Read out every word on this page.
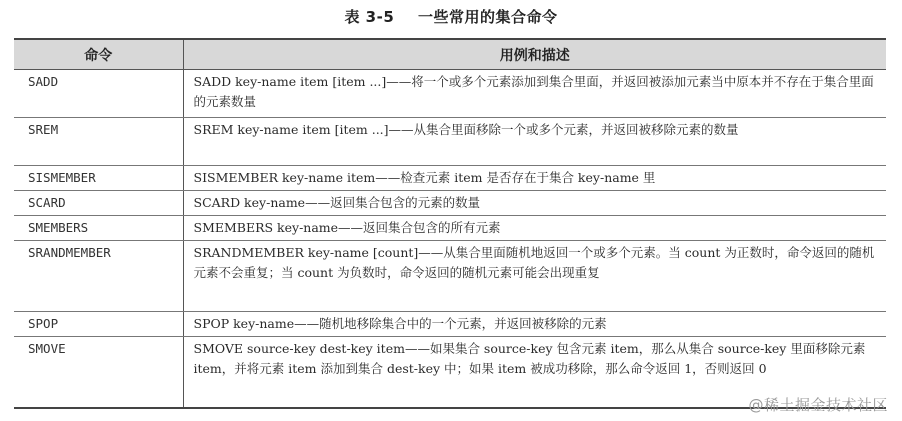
表 3-5 一些常用的集合命令
命令	用例和描述
SADD	SADD key-name item [item ...]——将一个或多个元素添加到集合里面，并返回被添加元素当中原本并不存在于集合里面的元素数量
SREM	SREM key-name item [item ...]——从集合里面移除一个或多个元素，并返回被移除元素的数量
SISMEMBER	SISMEMBER key-name item——检查元素 item 是否存在于集合 key-name 里
SCARD	SCARD key-name——返回集合包含的元素的数量
SMEMBERS	SMEMBERS key-name——返回集合包含的所有元素
SRANDMEMBER	SRANDMEMBER key-name [count]——从集合里面随机地返回一个或多个元素。当 count 为正数时，命令返回的随机元素不会重复；当 count 为负数时，命令返回的随机元素可能会出现重复
SPOP	SPOP key-name——随机地移除集合中的一个元素，并返回被移除的元素
SMOVE	SMOVE source-key dest-key item——如果集合 source-key 包含元素 item，那么从集合 source-key 里面移除元素 item，并将元素 item 添加到集合 dest-key 中；如果 item 被成功移除，那么命令返回 1，否则返回 0
@稀土掘金技术社区
